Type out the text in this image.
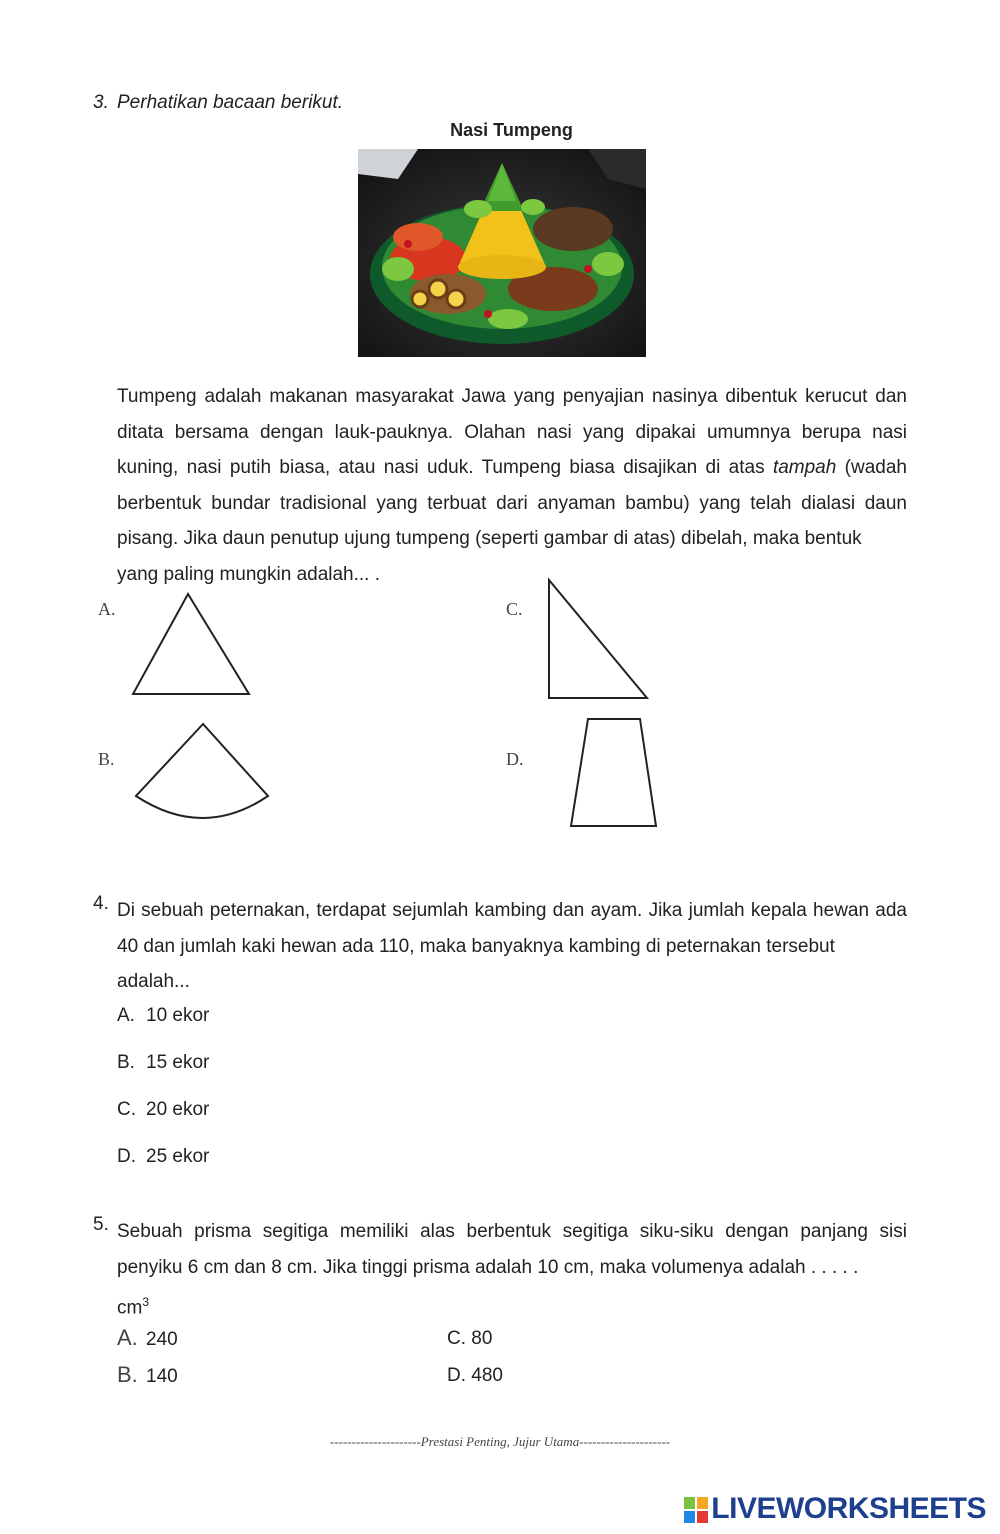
3. Perhatikan bacaan berikut.
Nasi Tumpeng

Tumpeng adalah makanan masyarakat Jawa yang penyajian nasinya dibentuk kerucut dan ditata bersama dengan lauk-pauknya. Olahan nasi yang dipakai umumnya berupa nasi kuning, nasi putih biasa, atau nasi uduk. Tumpeng biasa disajikan di atas tampah (wadah berbentuk bundar tradisional yang terbuat dari anyaman bambu) yang telah dialasi daun pisang. Jika daun penutup ujung tumpeng (seperti gambar di atas) dibelah, maka bentuk

yang paling mungkin adalah... .

A.
B.
C.
D.
4. Di sebuah peternakan, terdapat sejumlah kambing dan ayam. Jika jumlah kepala hewan ada 40 dan jumlah kaki hewan ada 110, maka banyaknya kambing di peternakan tersebut

adalah...

A. 10 ekor
B. 15 ekor
C. 20 ekor
D. 25 ekor
5. Sebuah prisma segitiga memiliki alas berbentuk segitiga siku-siku dengan panjang sisi penyiku 6 cm dan 8 cm. Jika tinggi prisma adalah 10 cm, maka volumenya adalah . . . . .

$cm^3$

A. 240
B. 140
C. 80
D. 480
---------------------Prestasi Penting, Jujur Utama---------------------
LIVEWORKSHEETS
